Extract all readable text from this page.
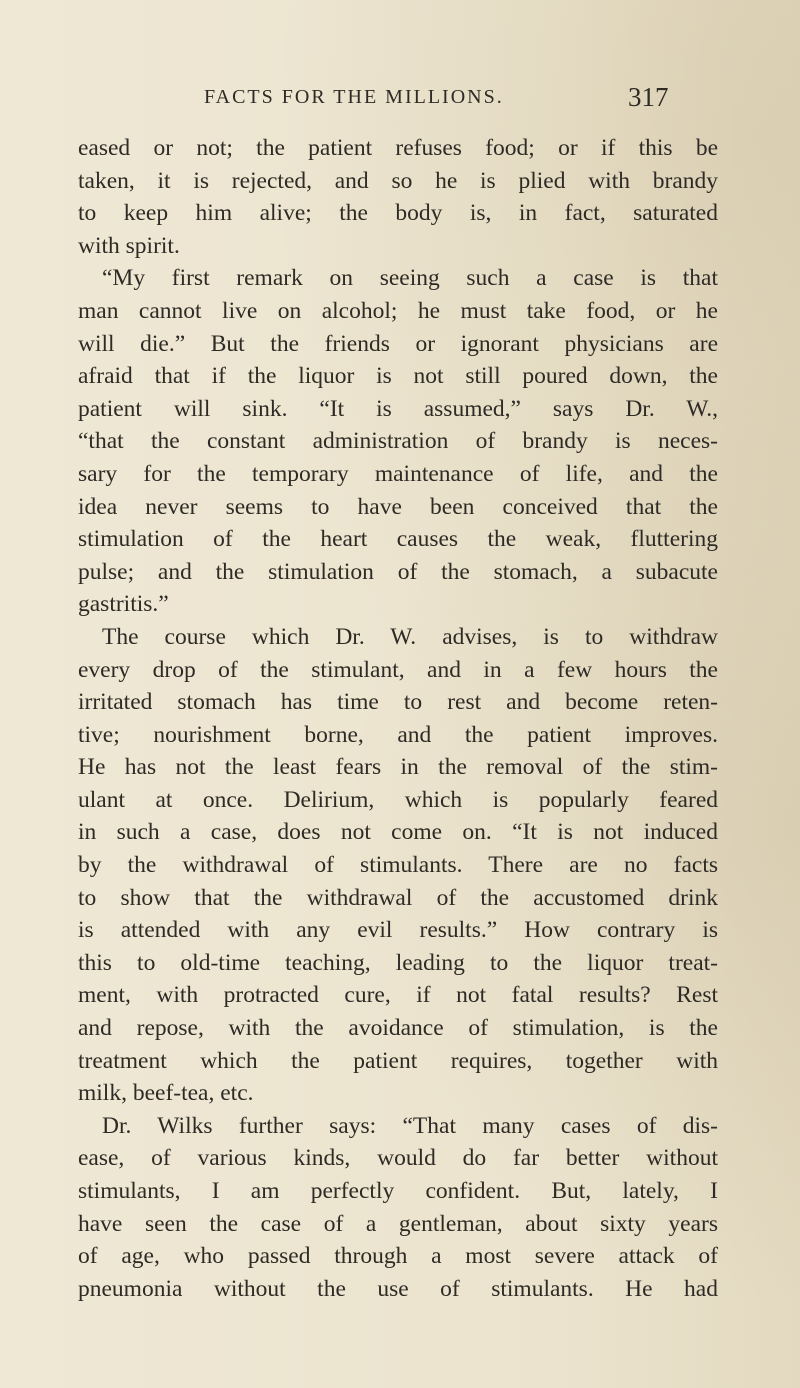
FACTS FOR THE MILLIONS.	317
eased or not; the patient refuses food; or if this be
taken, it is rejected, and so he is plied with brandy
to keep him alive; the body is, in fact, saturated
with spirit.
“My first remark on seeing such a case is that
man cannot live on alcohol; he must take food, or he
will die.” But the friends or ignorant physicians are
afraid that if the liquor is not still poured down, the
patient will sink. “It is assumed,” says Dr. W.,
“that the constant administration of brandy is neces-
sary for the temporary maintenance of life, and the
idea never seems to have been conceived that the
stimulation of the heart causes the weak, fluttering
pulse; and the stimulation of the stomach, a subacute
gastritis.”
The course which Dr. W. advises, is to withdraw
every drop of the stimulant, and in a few hours the
irritated stomach has time to rest and become reten-
tive; nourishment borne, and the patient improves.
He has not the least fears in the removal of the stim-
ulant at once. Delirium, which is popularly feared
in such a case, does not come on. “It is not induced
by the withdrawal of stimulants. There are no facts
to show that the withdrawal of the accustomed drink
is attended with any evil results.” How contrary is
this to old-time teaching, leading to the liquor treat-
ment, with protracted cure, if not fatal results? Rest
and repose, with the avoidance of stimulation, is the
treatment which the patient requires, together with
milk, beef-tea, etc.
Dr. Wilks further says: “That many cases of dis-
ease, of various kinds, would do far better without
stimulants, I am perfectly confident. But, lately, I
have seen the case of a gentleman, about sixty years
of age, who passed through a most severe attack of
pneumonia without the use of stimulants. He had
